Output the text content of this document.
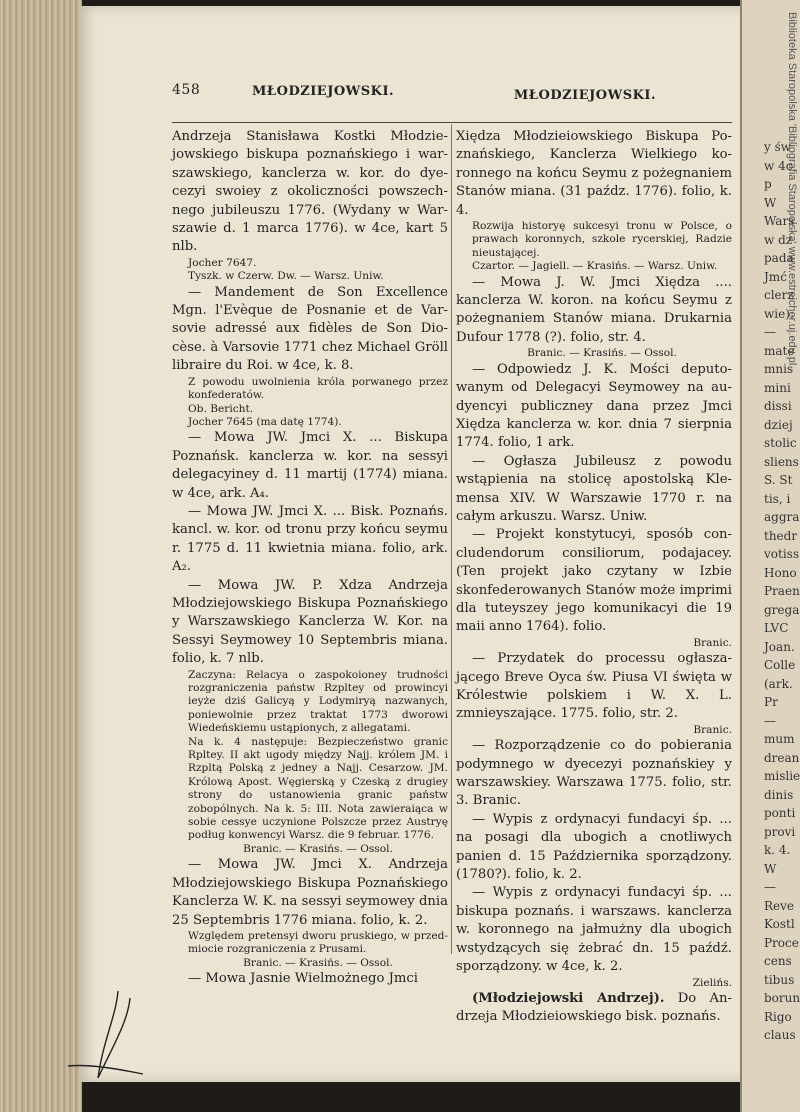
458	MŁODZIEJOWSKI.	MŁODZIEJOWSKI.

Andrzeja Stanisława Kostki Młodziejowskiego biskupa poznańskiego i warszawskiego, kanclerza w. kor. do dyecezyi swoiey z okoliczności powszechnego jubileuszu 1776. (Wydany w Warszawie d. 1 marca 1776). w 4ce, kart 5 nlb.

Jocher 7647.

Tyszk. w Czerw. Dw. — Warsz. Uniw.

— Mandement de Son Excellence Mgn. l'Evèque de Posnanie et de Varsovie adressé aux fidèles de Son Diocèse. à Varsovie 1771 chez Michael Gröll libraire du Roi. w 4ce, k. 8.

Z powodu uwolnienia króla porwanego przez konfederatów.

Ob. Bericht.

Jocher 7645 (ma datę 1774).

— Mowa JW. Jmci X. ... Biskupa Poznańsk. kanclerza w. kor. na sessyi delegacyiney d. 11 martij (1774) miana. w 4ce, ark. A₄.

— Mowa JW. Jmci X. ... Bisk. Poznańs. kancl. w. kor. od tronu przy końcu seymu r. 1775 d. 11 kwietnia miana. folio, ark. A₂.

— Mowa JW. P. Xdza Andrzeja Młodziejowskiego Biskupa Poznańskiego y Warszawskiego Kanclerza W. Kor. na Sessyi Seymowey 10 Septembris miana. folio, k. 7 nlb.

Zaczyna: Relacya o zaspokoioney trudności rozgraniczenia państw Rzpltey od prowincyi ieyże dziś Galicyą y Lodymiryą nazwanych, poniewolnie przez traktat 1773 dworowi Wiedeńskiemu ustąpionych, z allegatami.

Na k. 4 następuje: Bezpieczeństwo granic Rpltey. II akt ugody między Najj. królem JM. i Rzpltą Polską z jedney a Najj. Cesarzow. JM. Królową Apost. Węgierską y Czeską z drugiey strony do ustanowienia granic państw zobopólnych. Na k. 5: III. Nota zawieraiąca w sobie cessye uczynione Polszcze przez Austryę podług konwencyi Warsz. die 9 februar. 1776.

Branic. — Krasińs. — Ossol.

— Mowa JW. Jmci X. Andrzeja Młodziejowskiego Biskupa Poznańskiego Kanclerza W. K. na sessyi seymowey dnia 25 Septembris 1776 miana. folio, k. 2.

Względem pretensyi dworu pruskiego, w przedmiocie rozgraniczenia z Prusami.

Branic. — Krasińs. — Ossol.

— Mowa Jasnie Wielmożnego Jmci

Xiędza Młodzieiowskiego Biskupa Poznańskiego, Kanclerza Wielkiego koronnego na końcu Seymu z pożegnaniem Stanów miana. (31 paźdz. 1776). folio, k. 4.

Rozwija historyę sukcesyi tronu w Polsce, o prawach koronnych, szkole rycerskiej, Radzie nieustającej.

Czartor. — Jagiell. — Krasińs. — Warsz. Uniw.

— Mowa J. W. Jmci Xiędza .... kanclerza W. koron. na końcu Seymu z pożegnaniem Stanów miana. Drukarnia Dufour 1778 (?). folio, str. 4.

Branic. — Krasińs. — Ossol.

— Odpowiedz J. K. Mości deputowanym od Delegacyi Seymowey na audyencyi publiczney dana przez Jmci Xiędza kanclerza w. kor. dnia 7 sierpnia 1774. folio, 1 ark.

— Ogłasza Jubileusz z powodu wstąpienia na stolicę apostolską Klemensa XIV. W Warszawie 1770 r. na całym arkuszu. Warsz. Uniw.

— Projekt konstytucyi, sposób concludendorum consiliorum, podajacey. (Ten projekt jako czytany w Izbie skonfederowanych Stanów może imprimi dla tuteyszey jego komunikacyi die 19 maii anno 1764). folio.

Branic.

— Przydatek do processu ogłaszającego Breve Oyca św. Piusa VI święta w Królestwie polskiem i W. X. L. zmnieyszające. 1775. folio, str. 2.

Branic.

— Rozporządzenie co do pobierania podymnego w dyecezyi poznańskiey y warszawskiey. Warszawa 1775. folio, str. 3. Branic.

— Wypis z ordynacyi fundacyi śp. ... na posagi dla ubogich a cnotliwych panien d. 15 Października sporządzony. (1780?). folio, k. 2.

— Wypis z ordynacyi fundacyi śp. ... biskupa poznańs. i warszaws. kanclerza w. koronnego na jałmużny dla ubogich wstydzących się żebrać dn. 15 paźdź. sporządzony. w 4ce, k. 2.

Zielińs.

(Młodziejowski Andrzej). Do Andrzeja Młodzieiowskiego bisk. poznańs.

Biblioteka Staropolska 'Bibliografia Staropolska' www.estreicher.uj.edu.pl
y św
w 4c
p
W
Wars
w dz
pada
Jmć
clerz
wie).
—
mate
mnis
mini
dissi
dziej
stolic
sliens
S. St
tis, i
aggra
thedr
votiss
Hono
Praen
grega
LVC
Joan.
Colle
(ark.
Pr
—
mum
drean
mislie
dinis
ponti
provi
k. 4.
W
—
Reve
Kostl
Proce
cens
tibus
borun
Rigo
claus
